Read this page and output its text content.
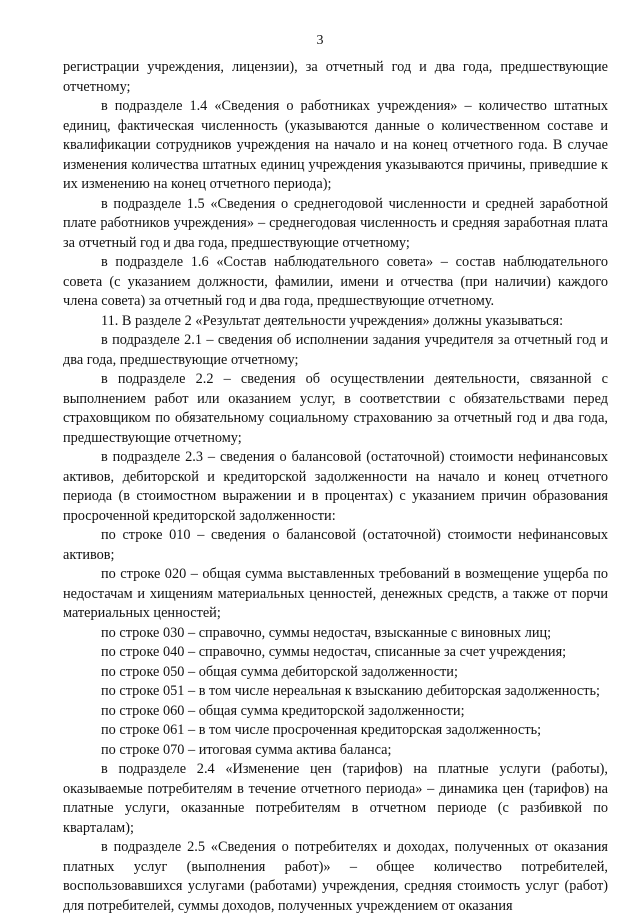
3

регистрации учреждения, лицензии), за отчетный год и два года, предшествующие отчетному;

в подразделе 1.4 «Сведения о работниках учреждения» – количество штатных единиц, фактическая численность (указываются данные о количественном составе и квалификации сотрудников учреждения на начало и на конец отчетного года. В случае изменения количества штатных единиц учреждения указываются причины, приведшие к их изменению на конец отчетного периода);

в подразделе 1.5 «Сведения о среднегодовой численности и средней заработной плате работников учреждения» – среднегодовая численность и средняя заработная плата за отчетный год и два года, предшествующие отчетному;

в подразделе 1.6 «Состав наблюдательного совета» – состав наблюдательного совета (с указанием должности, фамилии, имени и отчества (при наличии) каждого члена совета) за отчетный год и два года, предшествующие отчетному.

11. В разделе 2 «Результат деятельности учреждения» должны указываться:

в подразделе 2.1 – сведения об исполнении задания учредителя за отчетный год и два года, предшествующие отчетному;

в подразделе 2.2 – сведения об осуществлении деятельности, связанной с выполнением работ или оказанием услуг, в соответствии с обязательствами перед страховщиком по обязательному социальному страхованию за отчетный год и два года, предшествующие отчетному;

в подразделе 2.3 – сведения о балансовой (остаточной) стоимости нефинансовых активов, дебиторской и кредиторской задолженности на начало и конец отчетного периода (в стоимостном выражении и в процентах) с указанием причин образования просроченной кредиторской задолженности:

по строке 010 – сведения о балансовой (остаточной) стоимости нефинансовых активов;

по строке 020 – общая сумма выставленных требований в возмещение ущерба по недостачам и хищениям материальных ценностей, денежных средств, а также от порчи материальных ценностей;

по строке 030 – справочно, суммы недостач, взысканные с виновных лиц;

по строке 040 – справочно, суммы недостач, списанные за счет учреждения;

по строке 050 – общая сумма дебиторской задолженности;

по строке 051 – в том числе нереальная к взысканию дебиторская задолженность;

по строке 060 – общая сумма кредиторской задолженности;

по строке 061 – в том числе просроченная кредиторская задолженность;

по строке 070 – итоговая сумма актива баланса;

в подразделе 2.4 «Изменение цен (тарифов) на платные услуги (работы), оказываемые потребителям в течение отчетного периода» – динамика цен (тарифов) на платные услуги, оказанные потребителям в отчетном периоде (с разбивкой по кварталам);

в подразделе 2.5 «Сведения о потребителях и доходах, полученных от оказания платных услуг (выполнения работ)» – общее количество потребителей, воспользовавшихся услугами (работами) учреждения, средняя стоимость услуг (работ) для потребителей, суммы доходов, полученных учреждением от оказания
